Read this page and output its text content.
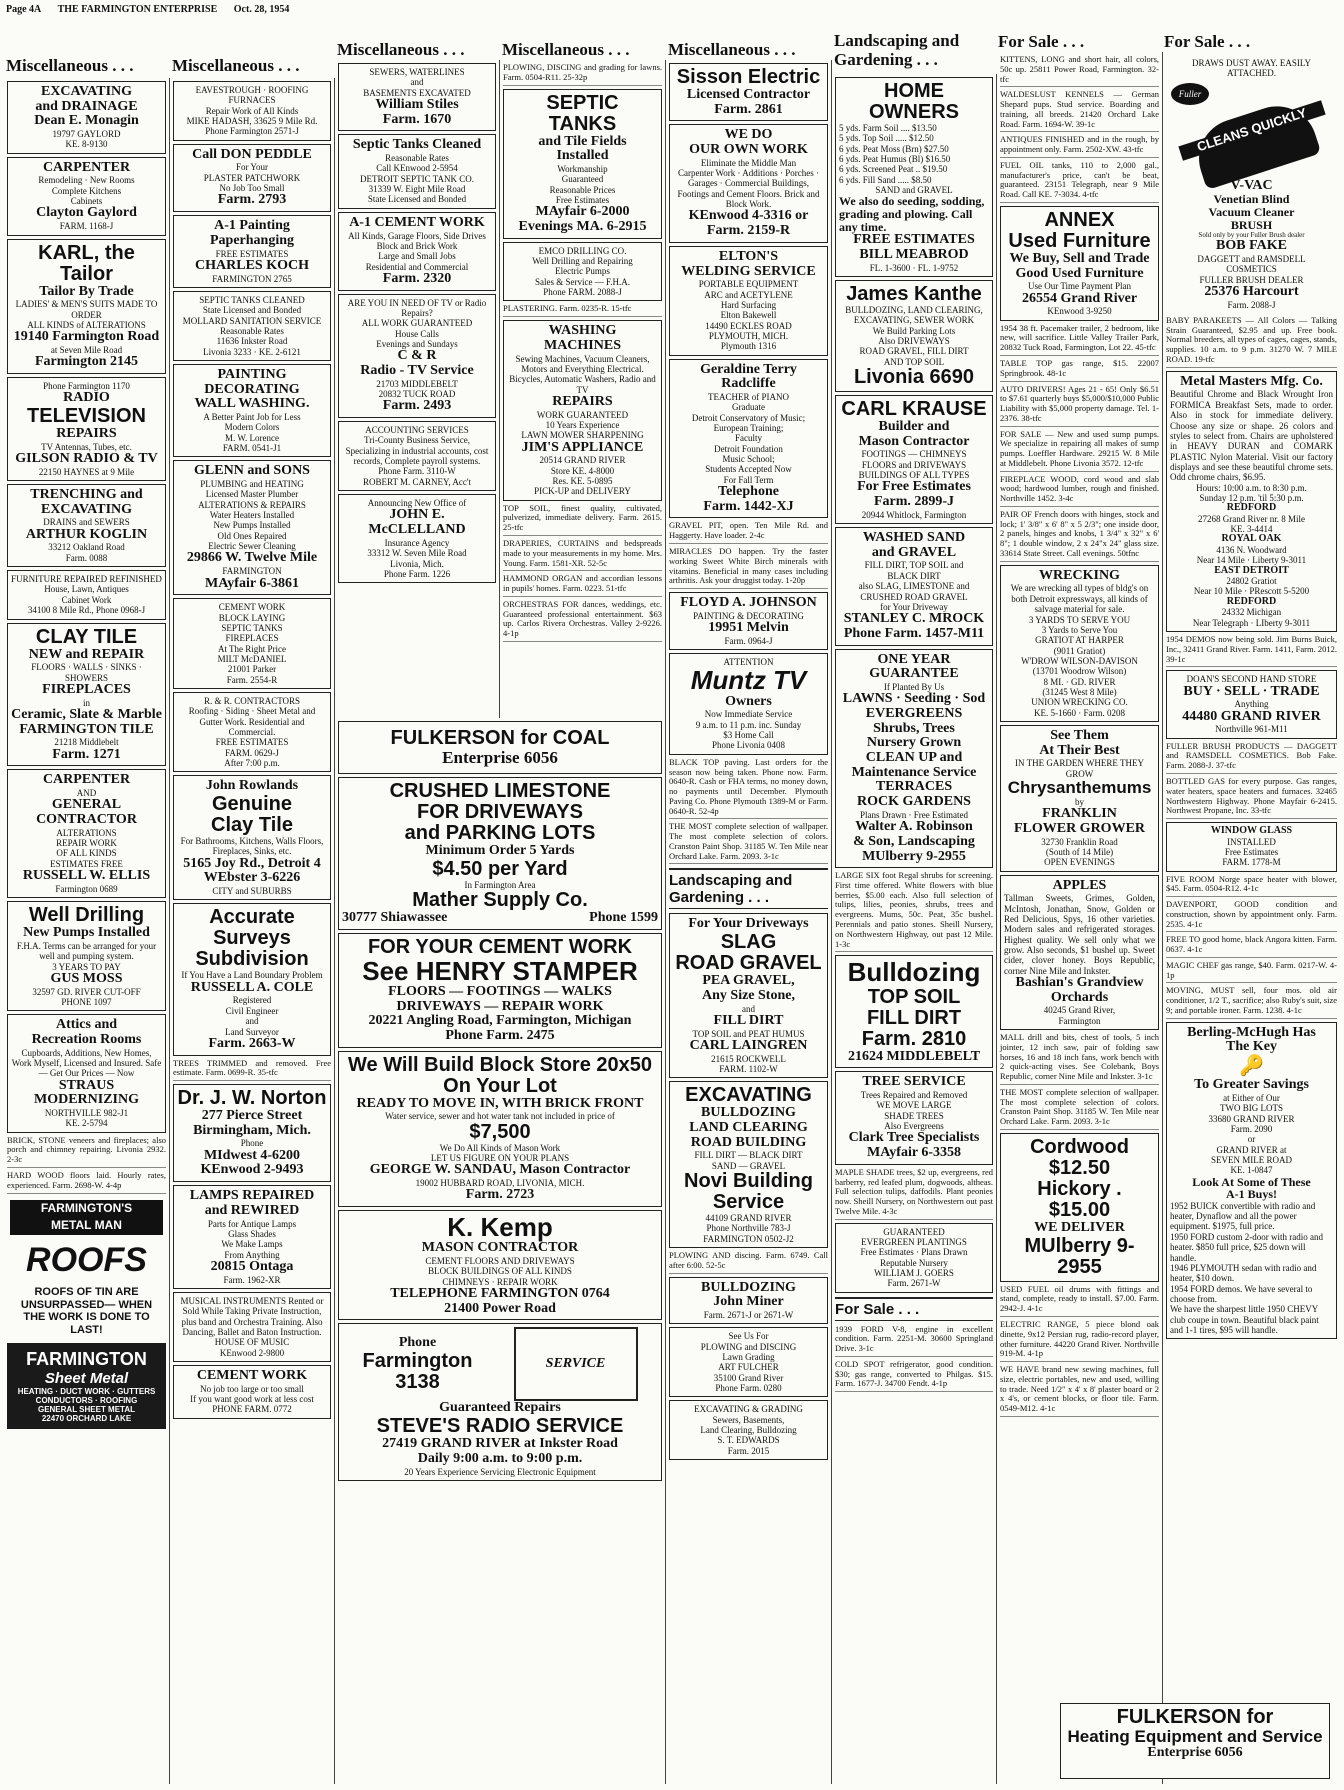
Page 4A THE FARMINGTON ENTERPRISE Oct. 28, 1954
Miscellaneous . . .	Miscellaneous . . .
Miscellaneous . . .	Miscellaneous . . .	Miscellaneous . . .	Landscaping and Gardening . . .
For Sale . . .	For Sale . . .
EXCAVATING
and DRAINAGE
Dean E. Monagin
19797 GAYLORD
KE. 8-9130
CARPENTER
Remodeling · New Rooms
Complete Kitchens
Cabinets
Clayton Gaylord
FARM. 1168-J
KARL, the Tailor
Tailor By Trade
LADIES' & MEN'S SUITS MADE TO ORDER
ALL KINDS of ALTERATIONS
19140 Farmington Road
at Seven Mile Road
Farmington 2145
Phone Farmington 1170
RADIO
TELEVISION
REPAIRS
TV Antennas, Tubes, etc.
GILSON RADIO & TV
22150 HAYNES at 9 Mile
TRENCHING and
EXCAVATING
DRAINS and SEWERS
ARTHUR KOGLIN
33212 Oakland Road
Farm. 0088
FURNITURE REPAIRED REFINISHED
House, Lawn, Antiques
Cabinet Work
34100 8 Mile Rd., Phone 0968-J
CLAY TILE
NEW and REPAIR
FLOORS · WALLS · SINKS · SHOWERS
FIREPLACES
in
Ceramic, Slate & Marble
FARMINGTON TILE
21218 Middlebelt
Farm. 1271
CARPENTER
AND
GENERAL
CONTRACTOR
ALTERATIONS
REPAIR WORK
OF ALL KINDS
ESTIMATES FREE
RUSSELL W. ELLIS
Farmington 0689
Well Drilling
New Pumps Installed
F.H.A. Terms can be arranged for your well and pumping system.
3 YEARS TO PAY
GUS MOSS
32597 GD. RIVER CUT-OFF
PHONE 1097
Attics and
Recreation Rooms
Cupboards, Additions, New Homes, Work Myself, Licensed and Insured. Safe — Get Our Prices — Now
STRAUS
MODERNIZING
NORTHVILLE 982-J1
KE. 2-5794
BRICK, STONE veneers and fireplaces; also porch and chimney repairing. Livonia 2932. 2-3c
HARD WOOD floors laid. Hourly rates, experienced. Farm. 2698-W. 4-4p
FARMINGTON'S
METAL MAN
ROOFS
ROOFS OF TIN ARE UNSURPASSED— WHEN THE WORK IS DONE TO LAST!
FARMINGTON
Sheet Metal
HEATING · DUCT WORK · GUTTERS
CONDUCTORS · ROOFING
GENERAL SHEET METAL
22470 ORCHARD LAKE
EAVESTROUGH · ROOFING
FURNACES
Repair Work of All Kinds
MIKE HADASH, 33625 9 Mile Rd.
Phone Farmington 2571-J
Call DON PEDDLE
For Your
PLASTER PATCHWORK
No Job Too Small
Farm. 2793
A-1 Painting
Paperhanging
FREE ESTIMATES
CHARLES KOCH
FARMINGTON 2765
SEPTIC TANKS CLEANED
State Licensed and Bonded
MOLLARD SANITATION SERVICE
Reasonable Rates
11636 Inkster Road
Livonia 3233 · KE. 2-6121
PAINTING
DECORATING
WALL WASHING.
A Better Paint Job for Less
Modern Colors
M. W. Lorence
FARM. 0541-J1
GLENN and SONS
PLUMBING and HEATING
Licensed Master Plumber
ALTERATIONS & REPAIRS
Water Heaters Installed
New Pumps Installed
Old Ones Repaired
Electric Sewer Cleaning
29866 W. Twelve Mile
FARMINGTON
MAyfair 6-3861
CEMENT WORK
BLOCK LAYING
SEPTIC TANKS
FIREPLACES
At The Right Price
MILT McDANIEL
21001 Parker
Farm. 2554-R
R. & R. CONTRACTORS
Roofing · Siding · Sheet Metal and Gutter Work. Residential and Commercial.
FREE ESTIMATES
FARM. 0629-J
After 7:00 p.m.
John Rowlands
Genuine
Clay Tile
For Bathrooms, Kitchens, Walls Floors, Fireplaces, Sinks, etc.
5165 Joy Rd., Detroit 4
WEbster 3-6226
CITY and SUBURBS
Accurate
Surveys
Subdivision
If You Have a Land Boundary Problem
RUSSELL A. COLE
Registered
Civil Engineer
and
Land Surveyor
Farm. 2663-W
TREES TRIMMED and removed. Free estimate. Farm. 0699-R. 35-tfc
Dr. J. W. Norton
277 Pierce Street
Birmingham, Mich.
Phone
MIdwest 4-6200
KEnwood 2-9493
LAMPS REPAIRED and REWIRED
Parts for Antique Lamps
Glass Shades
We Make Lamps
From Anything
20815 Ontaga
Farm. 1962-XR
MUSICAL INSTRUMENTS Rented or Sold While Taking Private Instruction, plus band and Orchestra Training. Also Dancing, Ballet and Baton Instruction.
HOUSE OF MUSIC
KEnwood 2-9800
CEMENT WORK
No job too large or too small
If you want good work at less cost
PHONE FARM. 0772
SEWERS, WATERLINES
and
BASEMENTS EXCAVATED
William Stiles
Farm. 1670
Septic Tanks Cleaned
Reasonable Rates
Call KEnwood 2-5954
DETROIT SEPTIC TANK CO.
31339 W. Eight Mile Road
State Licensed and Bonded
A-1 CEMENT WORK
All Kinds, Garage Floors, Side Drives
Block and Brick Work
Large and Small Jobs
Residential and Commercial
Farm. 2320
ARE YOU IN NEED OF TV or Radio Repairs?
ALL WORK GUARANTEED
House Calls
Evenings and Sundays
C & R
Radio - TV Service
21703 MIDDLEBELT
20832 TUCK ROAD
Farm. 2493
ACCOUNTING SERVICES
Tri-County Business Service, Specializing in industrial accounts, cost records, Complete payroll systems.
Phone Farm. 3110-W
ROBERT M. CARNEY, Acc't
Announcing New Office of
JOHN E. McCLELLAND
Insurance Agency
33312 W. Seven Mile Road
Livonia, Mich.
Phone Farm. 1226
PLOWING, DISCING and grading for lawns. Farm. 0504-R11. 25-32p
SEPTIC
TANKS
and Tile Fields
Installed
Workmanship
Guaranteed
Reasonable Prices
Free Estimates
MAyfair 6-2000
Evenings MA. 6-2915
EMCO DRILLING CO.
Well Drilling and Repairing
Electric Pumps
Sales & Service — F.H.A.
Phone FARM. 2088-J
PLASTERING. Farm. 0235-R. 15-tfc
WASHING
MACHINES
Sewing Machines, Vacuum Cleaners, Motors and Everything Electrical. Bicycles, Automatic Washers, Radio and TV
REPAIRS
WORK GUARANTEED
10 Years Experience
LAWN MOWER SHARPENING
JIM'S APPLIANCE
20514 GRAND RIVER
Store KE. 4-8000
Res. KE. 5-0895
PICK-UP and DELIVERY
TOP SOIL, finest quality, cultivated, pulverized, immediate delivery. Farm. 2615. 25-tfc
DRAPERIES, CURTAINS and bedspreads made to your measurements in my home. Mrs. Young. Farm. 1581-XR. 52-5c
HAMMOND ORGAN and accordian lessons in pupils' homes. Farm. 0223. 51-tfc
ORCHESTRAS FOR dances, weddings, etc. Guaranteed professional entertainment. $63 up. Carlos Rivera Orchestras. Valley 2-9226. 4-1p
FULKERSON for COAL
Enterprise 6056
CRUSHED LIMESTONE
FOR DRIVEWAYS
and PARKING LOTS
Minimum Order 5 Yards
$4.50 per Yard
In Farmington Area
Mather Supply Co.
30777 Shiawassee	Phone 1599
FOR YOUR CEMENT WORK
See HENRY STAMPER
FLOORS — FOOTINGS — WALKS
DRIVEWAYS — REPAIR WORK
20221 Angling Road, Farmington, Michigan
Phone Farm. 2475
We Will Build Block Store 20x50
On Your Lot
READY TO MOVE IN, WITH BRICK FRONT
Water service, sewer and hot water tank not included in price of
$7,500
We Do All Kinds of Mason Work
LET US FIGURE ON YOUR PLANS
GEORGE W. SANDAU, Mason Contractor
19002 HUBBARD ROAD, LIVONIA, MICH.
Farm. 2723
K. Kemp
MASON CONTRACTOR
CEMENT FLOORS AND DRIVEWAYS
BLOCK BUILDINGS OF ALL KINDS
CHIMNEYS · REPAIR WORK
TELEPHONE FARMINGTON 0764
21400 Power Road
Phone
Farmington
3138
SERVICE
Guaranteed Repairs
STEVE'S RADIO SERVICE
27419 GRAND RIVER at Inkster Road
Daily 9:00 a.m. to 9:00 p.m.
20 Years Experience Servicing Electronic Equipment
Sisson Electric
Licensed Contractor
Farm. 2861
WE DO
OUR OWN WORK
Eliminate the Middle Man
Carpenter Work · Additions · Porches · Garages · Commercial Buildings, Footings and Cement Floors. Brick and Block Work.
KEnwood 4-3316 or
Farm. 2159-R
ELTON'S
WELDING SERVICE
PORTABLE EQUIPMENT
ARC and ACETYLENE
Hard Surfacing
Elton Bakewell
14490 ECKLES ROAD
PLYMOUTH, MICH.
Plymouth 1316
Geraldine Terry
Radcliffe
TEACHER of PIANO
Graduate
Detroit Conservatory of Music;
European Training;
Faculty
Detroit Foundation
Music School;
Students Accepted Now
For Fall Term
Telephone
Farm. 1442-XJ
GRAVEL PIT, open. Ten Mile Rd. and Haggerty. Have loader. 2-4c
MIRACLES DO happen. Try the faster working Sweet White Birch minerals with vitamins. Beneficial in many cases including arthritis. Ask your druggist today. 1-20p
FLOYD A. JOHNSON
PAINTING & DECORATING
19951 Melvin
Farm. 0964-J
ATTENTION
Muntz TV
Owners
Now Immediate Service
9 a.m. to 11 p.m. inc. Sunday
$3 Home Call
Phone Livonia 0408
BLACK TOP paving. Last orders for the season now being taken. Phone now. Farm. 0640-R. Cash or FHA terms, no money down, no payments until December. Plymouth Paving Co. Phone Plymouth 1389-M or Farm. 0640-R. 52-4p
THE MOST complete selection of wallpaper. The most complete selection of colors. Cranston Paint Shop. 31185 W. Ten Mile near Orchard Lake. Farm. 2093. 3-1c
Landscaping and Gardening . . .
For Your Driveways
SLAG
ROAD GRAVEL
PEA GRAVEL,
Any Size Stone,
and
FILL DIRT
TOP SOIL and PEAT HUMUS
CARL LAINGREN
21615 ROCKWELL
FARM. 1102-W
EXCAVATING
BULLDOZING
LAND CLEARING
ROAD BUILDING
FILL DIRT — BLACK DIRT
SAND — GRAVEL
Novi Building
Service
44109 GRAND RIVER
Phone Northville 783-J
FARMINGTON 0502-J2
PLOWING AND discing. Farm. 6749. Call after 6:00. 52-5c
BULLDOZING
John Miner
Farm. 2671-J or 2671-W
See Us For
PLOWING and DISCING
Lawn Grading
ART FULCHER
35100 Grand River
Phone Farm. 0280
EXCAVATING & GRADING
Sewers, Basements,
Land Clearing, Bulldozing
S. T. EDWARDS
Farm. 2015
HOME
OWNERS
5 yds. Farm Soil .... $13.50
5 yds. Top Soil ..... $12.50
6 yds. Peat Moss (Brn) $27.50
6 yds. Peat Humus (Bl) $16.50
6 yds. Screened Peat .. $19.50
6 yds. Fill Sand ..... $8.50
SAND and GRAVEL
We also do seeding, sodding, grading and plowing. Call any time.
FREE ESTIMATES
BILL MEABROD
FL. 1-3600 · FL. 1-9752
James Kanthe
BULLDOZING, LAND CLEARING, EXCAVATING, SEWER WORK
We Build Parking Lots
Also DRIVEWAYS
ROAD GRAVEL, FILL DIRT
AND TOP SOIL
Livonia 6690
CARL KRAUSE
Builder and
Mason Contractor
FOOTINGS — CHIMNEYS
FLOORS and DRIVEWAYS
BUILDINGS OF ALL TYPES
For Free Estimates
Farm. 2899-J
20944 Whitlock, Farmington
WASHED SAND
and GRAVEL
FILL DIRT, TOP SOIL and
BLACK DIRT
also SLAG, LIMESTONE and
CRUSHED ROAD GRAVEL
for Your Driveway
STANLEY C. MROCK
Phone Farm. 1457-M11
ONE YEAR
GUARANTEE
If Planted By Us
LAWNS · Seeding · Sod
EVERGREENS
Shrubs, Trees
Nursery Grown
CLEAN UP and
Maintenance Service
TERRACES
ROCK GARDENS
Plans Drawn · Free Estimated
Walter A. Robinson
& Son, Landscaping
MUlberry 9-2955
LARGE SIX foot Regal shrubs for screening. First time offered. White flowers with blue berries, $5.00 each. Also full selection of tulips, lilies, peonies, shrubs, trees and evergreens. Mums, 50c. Peat, 35c bushel. Perennials and patio stones. Sheill Nursery, on Northwestern Highway, out past 12 Mile. 1-3c
Bulldozing
TOP SOIL
FILL DIRT
Farm. 2810
21624 MIDDLEBELT
TREE SERVICE
Trees Repaired and Removed
WE MOVE LARGE
SHADE TREES
Also Evergreens
Clark Tree Specialists
MAyfair 6-3358
MAPLE SHADE trees, $2 up, evergreens, red barberry, red leafed plum, dogwoods, altheas. Full selection tulips, daffodils. Plant peonies now. Sheill Nursery, on Northwestern out past Twelve Mile. 4-3c
GUARANTEED
EVERGREEN PLANTINGS
Free Estimates · Plans Drawn
Reputable Nursery
WILLIAM J. GOERS
Farm. 2671-W
For Sale . . .
1939 FORD V-8, engine in excellent condition. Farm. 2251-M. 30600 Springland Drive. 3-1c
COLD SPOT refrigerator, good condition. $30; gas range, converted to Philgas. $15. Farm. 1677-J. 34700 Fendt. 4-1p
KITTENS, LONG and short hair, all colors, 50c up. 25811 Power Road, Farmington. 32-tfc
WALDESLUST KENNELS — German Shepard pups. Stud service. Boarding and training, all breeds. 21420 Orchard Lake Road. Farm. 1694-W. 39-1c
ANTIQUES FINISHED and in the rough, by appointment only. Farm. 2502-XW. 43-tfc
FUEL OIL tanks, 110 to 2,000 gal., manufacturer's price, can't be beat, guaranteed. 23151 Telegraph, near 9 Mile Road. Call KE. 7-3034. 4-tfc
ANNEX
Used Furniture
We Buy, Sell and Trade
Good Used Furniture
Use Our Time Payment Plan
26554 Grand River
KEnwood 3-9250
1954 38 ft. Pacemaker trailer, 2 bedroom, like new, will sacrifice. Little Valley Trailer Park, 20832 Tuck Road, Farmington, Lot 22. 45-tfc
TABLE TOP gas range, $15. 22007 Springbrook. 48-1c
AUTO DRIVERS! Ages 21 - 65! Only $6.51 to $7.61 quarterly buys $5,000/$10,000 Public Liability with $5,000 property damage. Tel. 1-2376. 38-tfc
FOR SALE — New and used sump pumps. We specialize in repairing all makes of sump pumps. Loeffler Hardware. 29215 W. 8 Mile at Middlebelt. Phone Livonia 3572. 12-tfc
FIREPLACE WOOD, cord wood and slab wood; hardwood lumber, rough and finished. Northville 1452. 3-4c
PAIR OF French doors with hinges, stock and lock; 1' 3/8" x 6' 8" x 5 2/3"; one inside door, 2 panels, hinges and knobs, 1 3/4" x 32" x 6' 8"; 1 double window, 2 x 24"x 24" glass size. 33614 State Street. Call evenings. 50tfnc
WRECKING
We are wrecking all types of bldg's on both Detroit expressways, all kinds of salvage material for sale.
3 YARDS TO SERVE YOU
3 Yards to Serve You
GRATIOT AT HARPER
(9011 Gratiot)
W'DROW WILSON-DAVISON
(13701 Woodrow Wilson)
8 MI. · GD. RIVER
(31245 West 8 Mile)
UNION WRECKING CO.
KE. 5-1660 · Farm. 0208
See Them
At Their Best
IN THE GARDEN WHERE THEY GROW
Chrysanthemums
by
FRANKLIN
FLOWER GROWER
32730 Franklin Road
(South of 14 Mile)
OPEN EVENINGS
APPLES
Tallman Sweets, Grimes, Golden, McIntosh, Jonathan, Snow, Golden or Red Delicious, Spys, 16 other varieties. Modern sales and refrigerated storages. Highest quality. We sell only what we grow. Also seconds, $1 bushel up. Sweet cider, clover honey. Boys Republic, corner Nine Mile and Inkster.
Bashian's Grandview
Orchards
40245 Grand River,
Farmington
MALL drill and bits, chest of tools, 5 inch jointer, 12 inch saw, pair of folding saw horses, 16 and 18 inch fans, work bench with 2 quick-acting vises. See Colebank, Boys Republic, corner Nine Mile and Inkster. 3-1c
THE MOST complete selection of wallpaper. The most complete selection of colors. Cranston Paint Shop. 31185 W. Ten Mile near Orchard Lake. Farm. 2093. 3-1c
Cordwood $12.50
Hickory . $15.00
WE DELIVER
MUlberry 9-2955
USED FUEL oil drums with fittings and stand, complete, ready to install. $7.00. Farm. 2942-J. 4-1c
ELECTRIC RANGE, 5 piece blond oak dinette, 9x12 Persian rug, radio-record player, other furniture. 44220 Grand River. Northville 919-M. 4-1p
WE HAVE brand new sewing machines, full size, electric portables, new and used, willing to trade. Need 1/2" x 4' x 8' plaster board or 2 x 4's, or cement blocks, or floor tile. Farm. 0549-M12. 4-1c
DRAWS DUST AWAY. EASILY ATTACHED.
Fuller
CLEANS QUICKLY
V-VAC
Venetian Blind
Vacuum Cleaner
BRUSH
Sold only by your Fuller Brush dealer
BOB FAKE
DAGGETT and RAMSDELL
COSMETICS
FULLER BRUSH DEALER
25376 Harcourt
Farm. 2088-J
BABY PARAKEETS — All Colors — Talking Strain Guaranteed, $2.95 and up. Free book. Normal breeders, all types of cages, cages, stands, supplies. 10 a.m. to 9 p.m. 31270 W. 7 MILE ROAD. 19-tfc
Metal Masters Mfg. Co.
Beautiful Chrome and Black Wrought Iron FORMICA Breakfast Sets, made to order. Also in stock for immediate delivery. Choose any size or shape. 26 colors and styles to select from. Chairs are upholstered in HEAVY DURAN and COMARK PLASTIC Nylon Material. Visit our factory displays and see these beautiful chrome sets. Odd chrome chairs, $6.95.
Hours: 10:00 a.m. to 8:30 p.m.
Sunday 12 p.m. 'til 5:30 p.m.
REDFORD
27268 Grand River nr. 8 Mile
KE. 3-4414
ROYAL OAK
4136 N. Woodward
Near 14 Mile · Liberty 9-3011
EAST DETROIT
24802 Gratiot
Near 10 Mile · PRescott 5-5200
REDFORD
24332 Michigan
Near Telegraph · LIberty 9-3011
1954 DEMOS now being sold. Jim Burns Buick, Inc., 32411 Grand River. Farm. 1411, Farm. 2012. 39-1c
DOAN'S SECOND HAND STORE
BUY · SELL · TRADE
Anything
44480 GRAND RIVER
Northville 961-M11
FULLER BRUSH PRODUCTS — DAGGETT and RAMSDELL COSMETICS. Bob Fake. Farm. 2088-J. 37-tfc
BOTTLED GAS for every purpose. Gas ranges, water heaters, space heaters and furnaces. 32465 Northwestern Highway. Phone Mayfair 6-2415. Northwest Propane, Inc. 33-tfc
WINDOW GLASS
INSTALLED
Free Estimates
FARM. 1778-M
FIVE ROOM Norge space heater with blower, $45. Farm. 0504-R12. 4-1c
DAVENPORT, GOOD condition and construction, shown by appointment only. Farm. 2535. 4-1c
FREE TO good home, black Angora kitten. Farm. 0637. 4-1c
MAGIC CHEF gas range, $40. Farm. 0217-W. 4-1p
MOVING, MUST sell, four mos. old air conditioner, 1/2 T., sacrifice; also Ruby's suit, size 9; and portable ironer. Farm. 1238. 4-1c
Berling-McHugh Has
The Key
🔑
To Greater Savings
at Either of Our
TWO BIG LOTS
33680 GRAND RIVER
Farm. 2090
or
GRAND RIVER at
SEVEN MILE ROAD
KE. 1-0847
Look At Some of These
A-1 Buys!
1952 BUICK convertible with radio and heater, Dynaflow and all the power equipment. $1975, full price.
1950 FORD custom 2-door with radio and heater. $850 full price, $25 down will handle.
1946 PLYMOUTH sedan with radio and heater, $10 down.
1954 FORD demos. We have several to choose from.
We have the sharpest little 1950 CHEVY club coupe in town. Beautiful black paint and 1-1 tires, $95 will handle.
FULKERSON for
Heating Equipment and Service
Enterprise 6056
